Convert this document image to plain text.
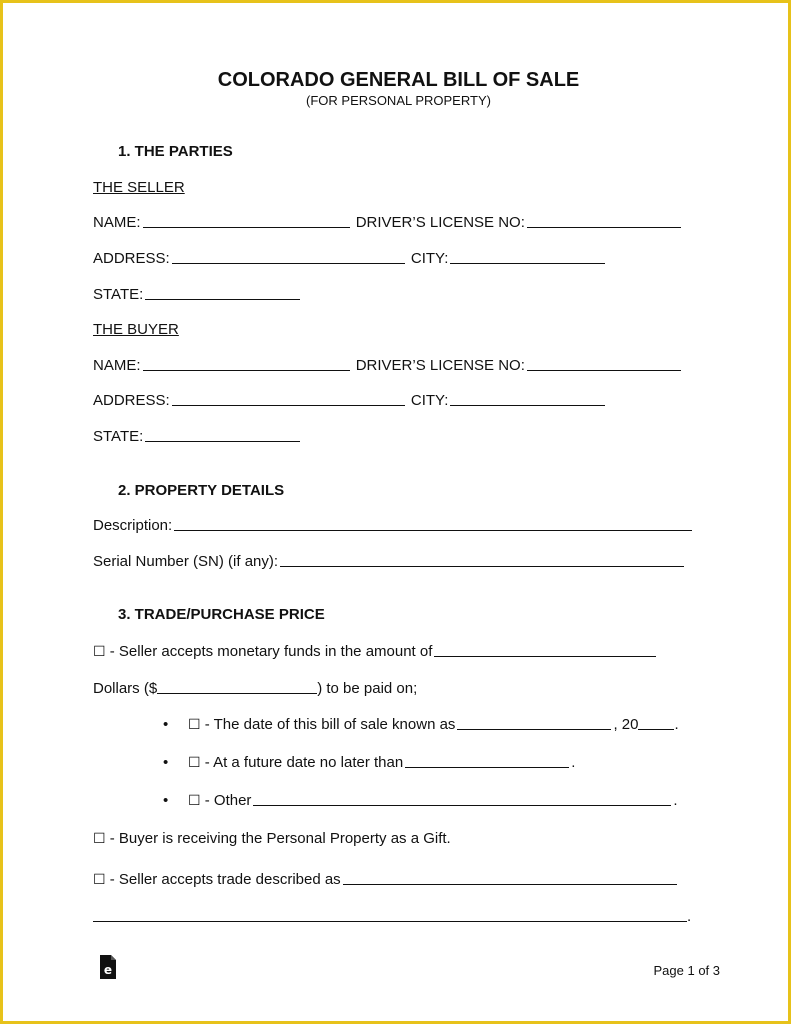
COLORADO GENERAL BILL OF SALE
(FOR PERSONAL PROPERTY)
1. THE PARTIES
THE SELLER
NAME:	DRIVER’S LICENSE NO:
ADDRESS:	CITY:
STATE:
THE BUYER
NAME:	DRIVER’S LICENSE NO:
ADDRESS:	CITY:
STATE:
2. PROPERTY DETAILS
Description:
Serial Number (SN) (if any):
3. TRADE/PURCHASE PRICE
☐ - Seller accepts monetary funds in the amount of
Dollars ($	) to be paid on;
• ☐ - The date of this bill of sale known as	, 20 .
• ☐ - At a future date no later than	.
• ☐ - Other	.
☐ - Buyer is receiving the Personal Property as a Gift.
☐ - Seller accepts trade described as
.
e	Page 1 of 3
